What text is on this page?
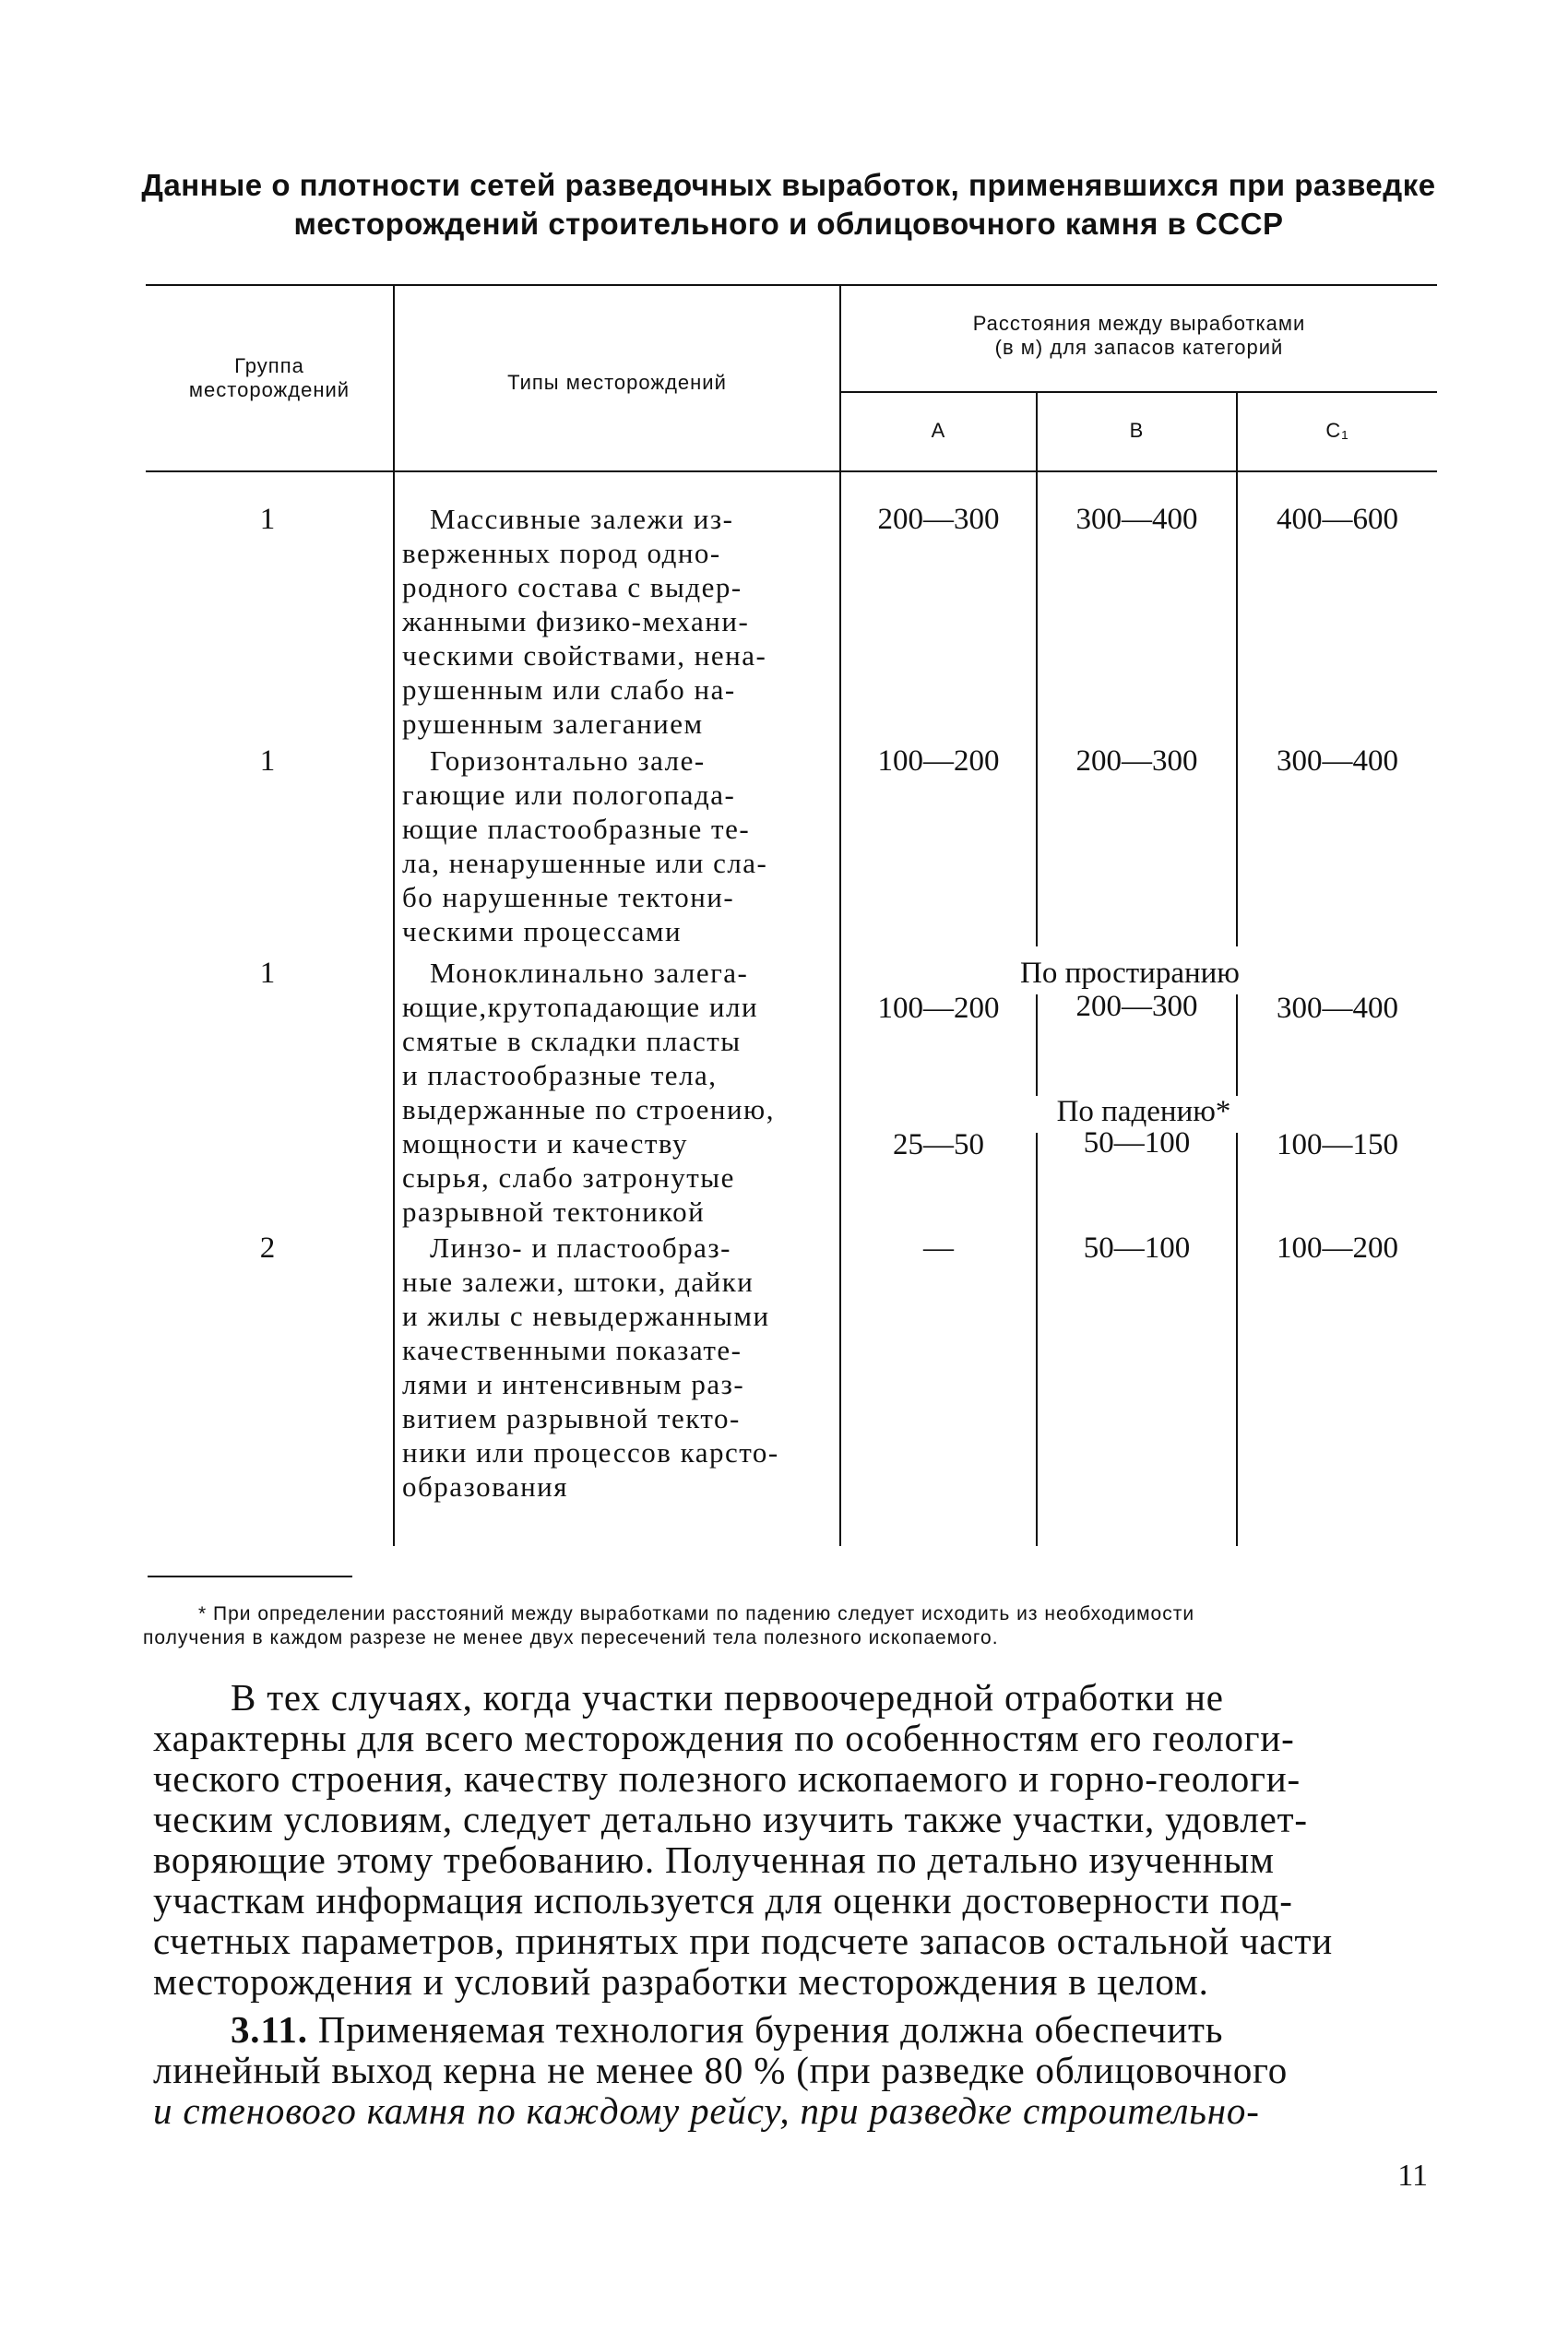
Данные о плотности сетей разведочных выработок, применявшихся при разведке
месторождений строительного и облицовочного камня в СССР
Группа
месторождений	Типы месторождений
Расстояния между выработками
(в м) для запасов категорий
А	В	С₁
1	Массивные залежи из-
верженных пород одно-
родного состава с выдер-
жанными физико-механи-
ческими свойствами, нена-
рушенным или слабо на-
рушенным залеганием
200—300	300—400	400—600
1	Горизонтально зале-
гающие или пологопада-
ющие пластообразные те-
ла, ненарушенные или сла-
бо нарушенные тектони-
ческими процессами
100—200	200—300	300—400
1	Моноклинально залега-
ющие,крутопадающие или
смятые в складки пласты
и пластообразные тела,
выдержанные по строению,
мощности и качеству
сырья, слабо затронутые
разрывной тектоникой
По простиранию
100—200	200—300	300—400
По падению*
25—50	50—100	100—150
2	Линзо- и пластообраз-
ные залежи, штоки, дайки
и жилы с невыдержанными
качественными показате-
лями и интенсивным раз-
витием разрывной текто-
ники или процессов карсто-
образования
—	50—100	100—200
* При определении расстояний между выработками по падению следует исходить из необходимости
получения в каждом разрезе не менее двух пересечений тела полезного ископаемого.
В тех случаях, когда участки первоочередной отработки не
характерны для всего месторождения по особенностям его геологи-
ческого строения, качеству полезного ископаемого и горно-геологи-
ческим условиям, следует детально изучить также участки, удовлет-
воряющие этому требованию. Полученная по детально изученным
участкам информация используется для оценки достоверности под-
счетных параметров, принятых при подсчете запасов остальной части
месторождения и условий разработки месторождения в целом.
3.11. Применяемая технология бурения должна обеспечить
линейный выход керна не менее 80 % (при разведке облицовочного
и стенового камня по каждому рейсу, при разведке строительно-
11
